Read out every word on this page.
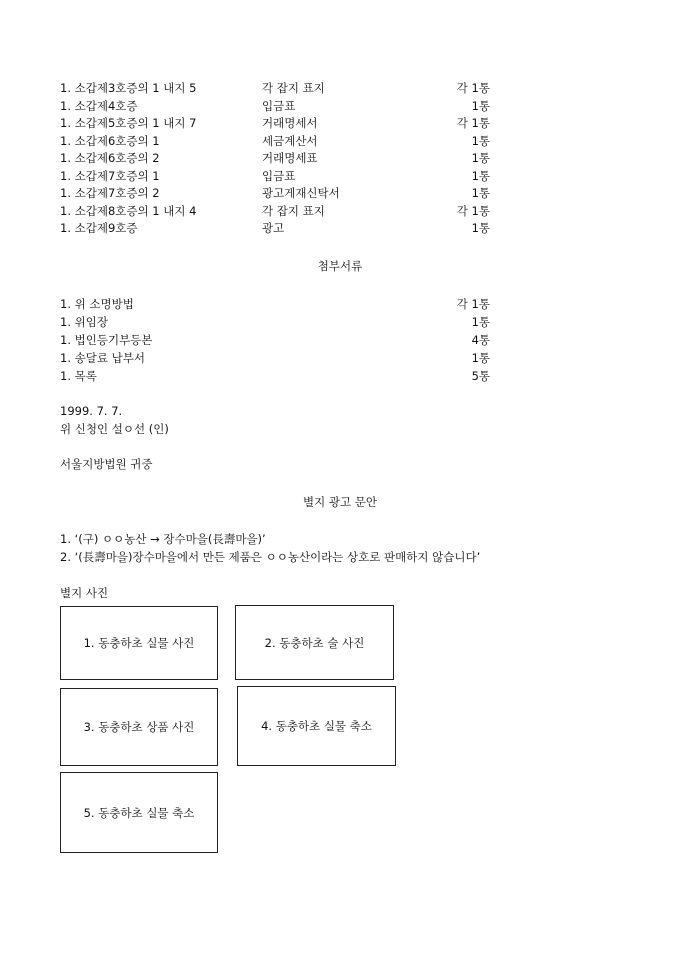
1. 소갑제3호증의 1 내지 5	각 잡지 표지	각 1통
1. 소갑제4호증	입금표	1통
1. 소갑제5호증의 1 내지 7	거래명세서	각 1통
1. 소갑제6호증의 1	세금계산서	1통
1. 소갑제6호증의 2	거래명세표	1통
1. 소갑제7호증의 1	입금표	1통
1. 소갑제7호증의 2	광고게재신탁서	1통
1. 소갑제8호증의 1 내지 4	각 잡지 표지	각 1통
1. 소갑제9호증	광고	1통
첨부서류
1. 위 소명방법	각 1통
1. 위임장	1통
1. 법인등기부등본	4통
1. 송달료 납부서	1통
1. 목록	5통
1999. 7. 7.
위 신청인 설ㅇ선 (인)
서울지방법원 귀중
별지 광고 문안
1. ‘(구) ㅇㅇ농산 → 장수마을(長壽마을)’
2. ‘(長壽마을)장수마을에서 만든 제품은 ㅇㅇ농산이라는 상호로 판매하지 않습니다’
별지 사진
1. 동충하초 실물 사진	2. 동충하초 술 사진
3. 동충하초 상품 사진	4. 동충하초 실물 축소
5. 동충하초 실물 축소
